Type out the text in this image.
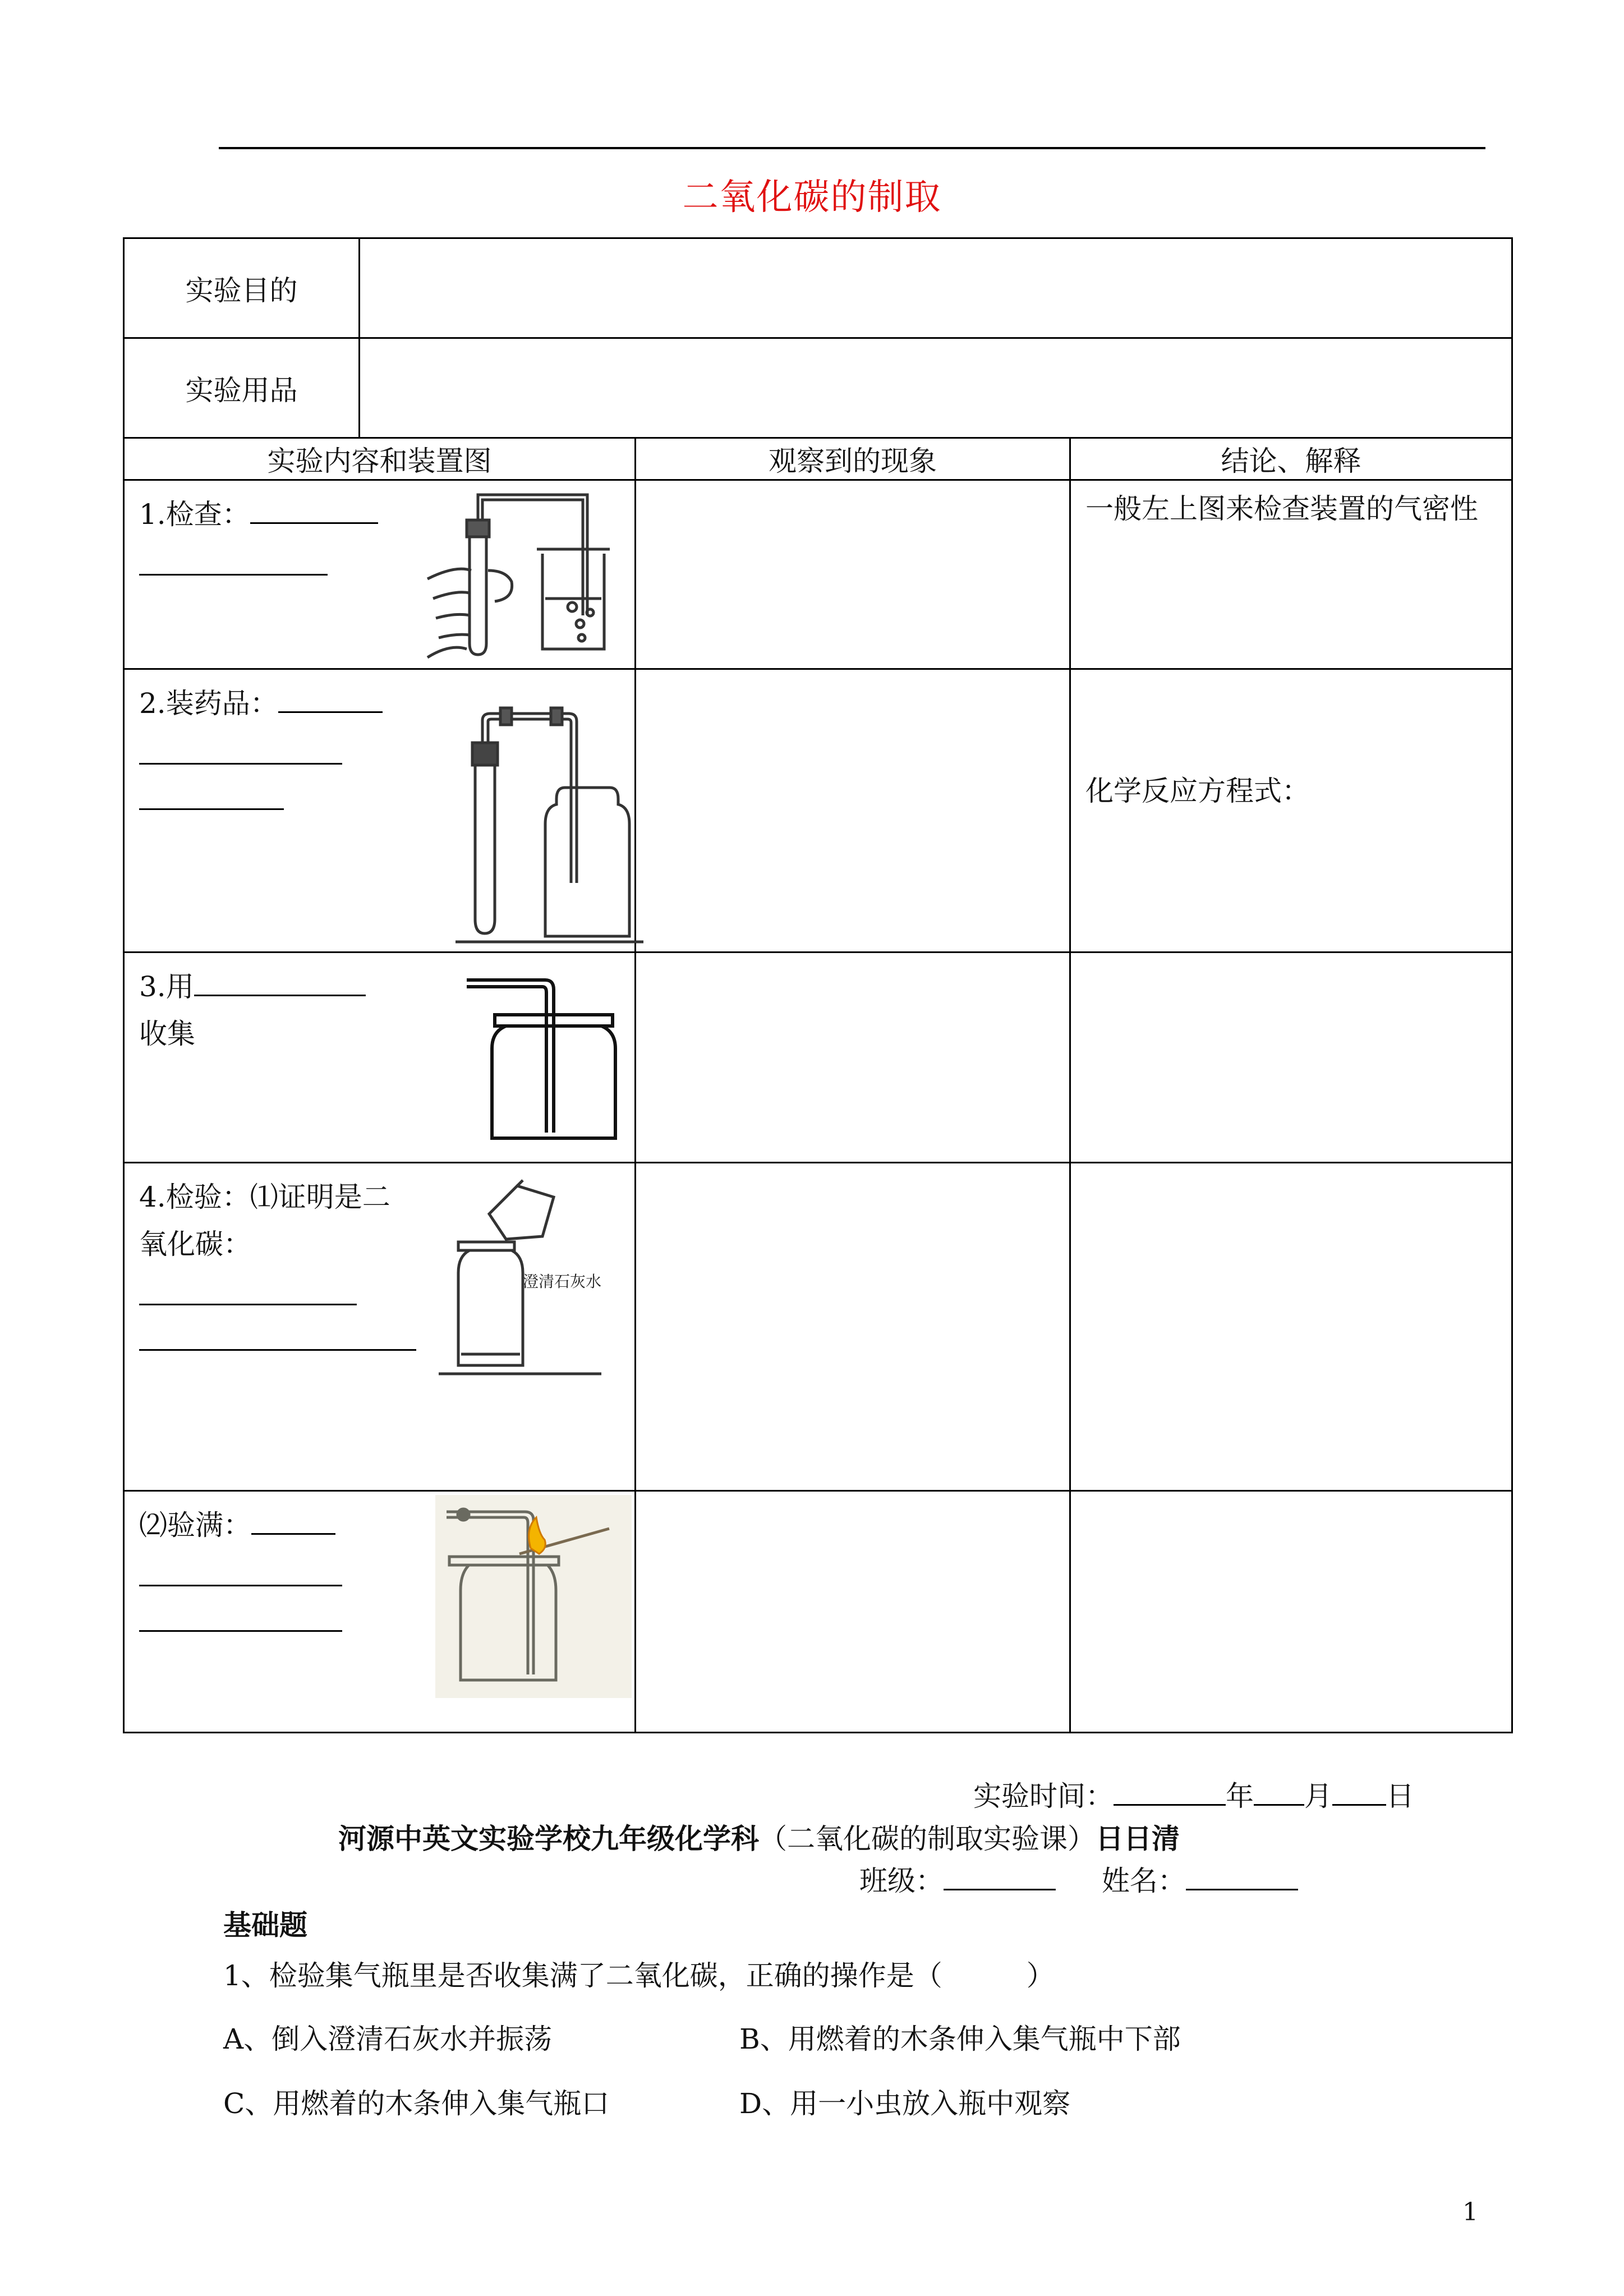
二氧化碳的制取
实验目的			
实验用品			
实验内容和装置图		观察到的现象	结论、解释

1.检查：			一般左上图来检查装置的气密性

2.装药品：			化学反应方程式：

3.用
收集			

4.检验：⑴证明是二
氧化碳：
澄清石灰水			

⑵验满：			

实验时间：	年 月 日
河源中英文实验学校九年级化学科（二氧化碳的制取实验课）日日清
班级：	姓名：
基础题
1、检验集气瓶里是否收集满了二氧化碳，正确的操作是（　　　）
A、倒入澄清石灰水并振荡	B、用燃着的木条伸入集气瓶中下部
C、用燃着的木条伸入集气瓶口	D、用一小虫放入瓶中观察
1
